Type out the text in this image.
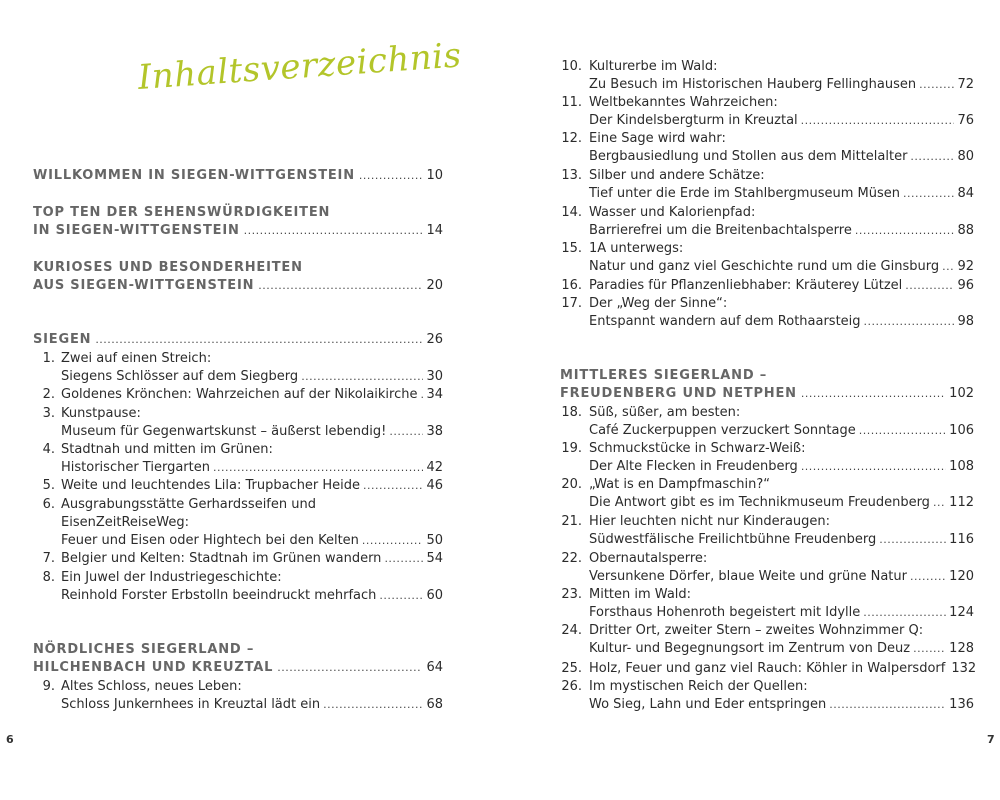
Inhaltsverzeichnis
WILLKOMMEN IN SIEGEN-WITTGENSTEIN .....	10
TOP TEN DER SEHENSWÜRDIGKEITEN
IN SIEGEN-WITTGENSTEIN .....	14
KURIOSES UND BESONDERHEITEN
AUS SIEGEN-WITTGENSTEIN .....	20
• • •
SIEGEN .....	26
1. Zwei auf einen Streich:
Siegens Schlösser auf dem Siegberg .....	30
2. Goldenes Krönchen: Wahrzeichen auf der Nikolaikirche ..... 34
3. Kunstpause:
Museum für Gegenwartskunst – äußerst lebendig! .....	38
4. Stadtnah und mitten im Grünen:
Historischer Tiergarten .....	42
5. Weite und leuchtendes Lila: Trupbacher Heide .....	46
6. Ausgrabungsstätte Gerhardsseifen und
EisenZeitReiseWeg:
Feuer und Eisen oder Hightech bei den Kelten .....	50
7. Belgier und Kelten: Stadtnah im Grünen wandern .....	54
8. Ein Juwel der Industriegeschichte:
Reinhold Forster Erbstolln beeindruckt mehrfach .....	60
• • •
NÖRDLICHES SIEGERLAND –
HILCHENBACH UND KREUZTAL .....	64
9. Altes Schloss, neues Leben:
Schloss Junkernhees in Kreuztal lädt ein .....	68
6
10. Kulturerbe im Wald:
Zu Besuch im Historischen Hauberg Fellinghausen .....	72
11. Weltbekanntes Wahrzeichen:
Der Kindelsbergturm in Kreuztal .....	76
12. Eine Sage wird wahr:
Bergbausiedlung und Stollen aus dem Mittelalter .....	80
13. Silber und andere Schätze:
Tief unter die Erde im Stahlbergmuseum Müsen .....	84
14. Wasser und Kalorienpfad:
Barrierefrei um die Breitenbachtalsperre .....	88
15. 1A unterwegs:
Natur und ganz viel Geschichte rund um die Ginsburg ..... 92
16. Paradies für Pflanzenliebhaber: Kräuterey Lützel .....	96
17. Der „Weg der Sinne“:
Entspannt wandern auf dem Rothaarsteig .....	98
• • •
MITTLERES SIEGERLAND –
FREUDENBERG UND NETPHEN .....	102
18. Süß, süßer, am besten:
Café Zuckerpuppen verzuckert Sonntage .....	106
19. Schmuckstücke in Schwarz-Weiß:
Der Alte Flecken in Freudenberg .....	108
20. „Wat is en Dampfmaschin?“
Die Antwort gibt es im Technikmuseum Freudenberg ..... 112
21. Hier leuchten nicht nur Kinderaugen:
Südwestfälische Freilichtbühne Freudenberg .....	116
22. Obernautalsperre:
Versunkene Dörfer, blaue Weite und grüne Natur .....	120
23. Mitten im Wald:
Forsthaus Hohenroth begeistert mit Idylle .....	124
24. Dritter Ort, zweiter Stern – zweites Wohnzimmer Q:
Kultur- und Begegnungsort im Zentrum von Deuz .....	128
25. Holz, Feuer und ganz viel Rauch: Köhler in Walpersdorf 132
26. Im mystischen Reich der Quellen:
Wo Sieg, Lahn und Eder entspringen .....	136
7
